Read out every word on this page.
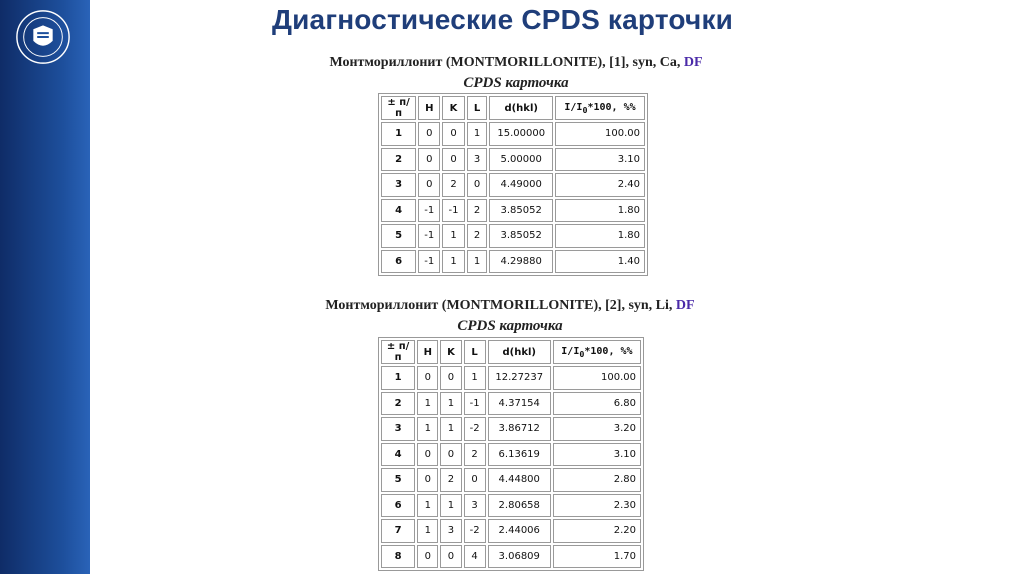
Диагностические CPDS карточки
Монтмориллонит (MONTMORILLONITE), [1], syn, Ca, DF
CPDS карточка
± п/п	H	K	L	d(hkl)	$I/I_0*100$, %%
1	0	0	1	15.00000	100.00
2	0	0	3	5.00000	3.10
3	0	2	0	4.49000	2.40
4	-1	-1	2	3.85052	1.80
5	-1	1	2	3.85052	1.80
6	-1	1	1	4.29880	1.40
Монтмориллонит (MONTMORILLONITE), [2], syn, Li, DF
CPDS карточка
± п/п	H	K	L	d(hkl)	$I/I_0*100$, %%
1	0	0	1	12.27237	100.00
2	1	1	-1	4.37154	6.80
3	1	1	-2	3.86712	3.20
4	0	0	2	6.13619	3.10
5	0	2	0	4.44800	2.80
6	1	1	3	2.80658	2.30
7	1	3	-2	2.44006	2.20
8	0	0	4	3.06809	1.70
